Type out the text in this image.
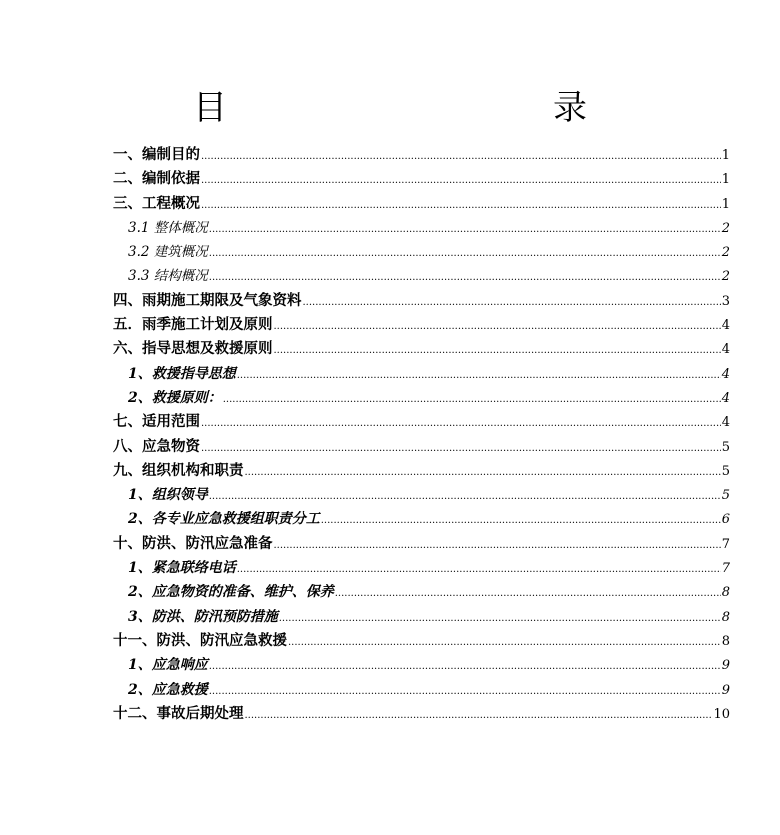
目　　录
一、编制目的 .....	1
二、编制依据 .....	1
三、工程概况 .....	1
3.1 整体概况 .....	2
3.2 建筑概况 .....	2
3.3 结构概况 .....	2
四、雨期施工期限及气象资料 .....	3
五．雨季施工计划及原则 .....	4
六、指导思想及救援原则 .....	4
1、救援指导思想 .....	4
2、救援原则： .....	4
七、适用范围 .....	4
八、应急物资 .....	5
九、组织机构和职责 .....	5
1、组织领导 .....	5
2、各专业应急救援组职责分工 .....	6
十、防洪、防汛应急准备 .....	7
1、紧急联络电话 .....	7
2、应急物资的准备、维护、保养 .....	8
3、防洪、防汛预防措施 .....	8
十一、防洪、防汛应急救援 .....	8
1、应急响应 .....	9
2、应急救援 .....	9
十二、事故后期处理 .....	10
